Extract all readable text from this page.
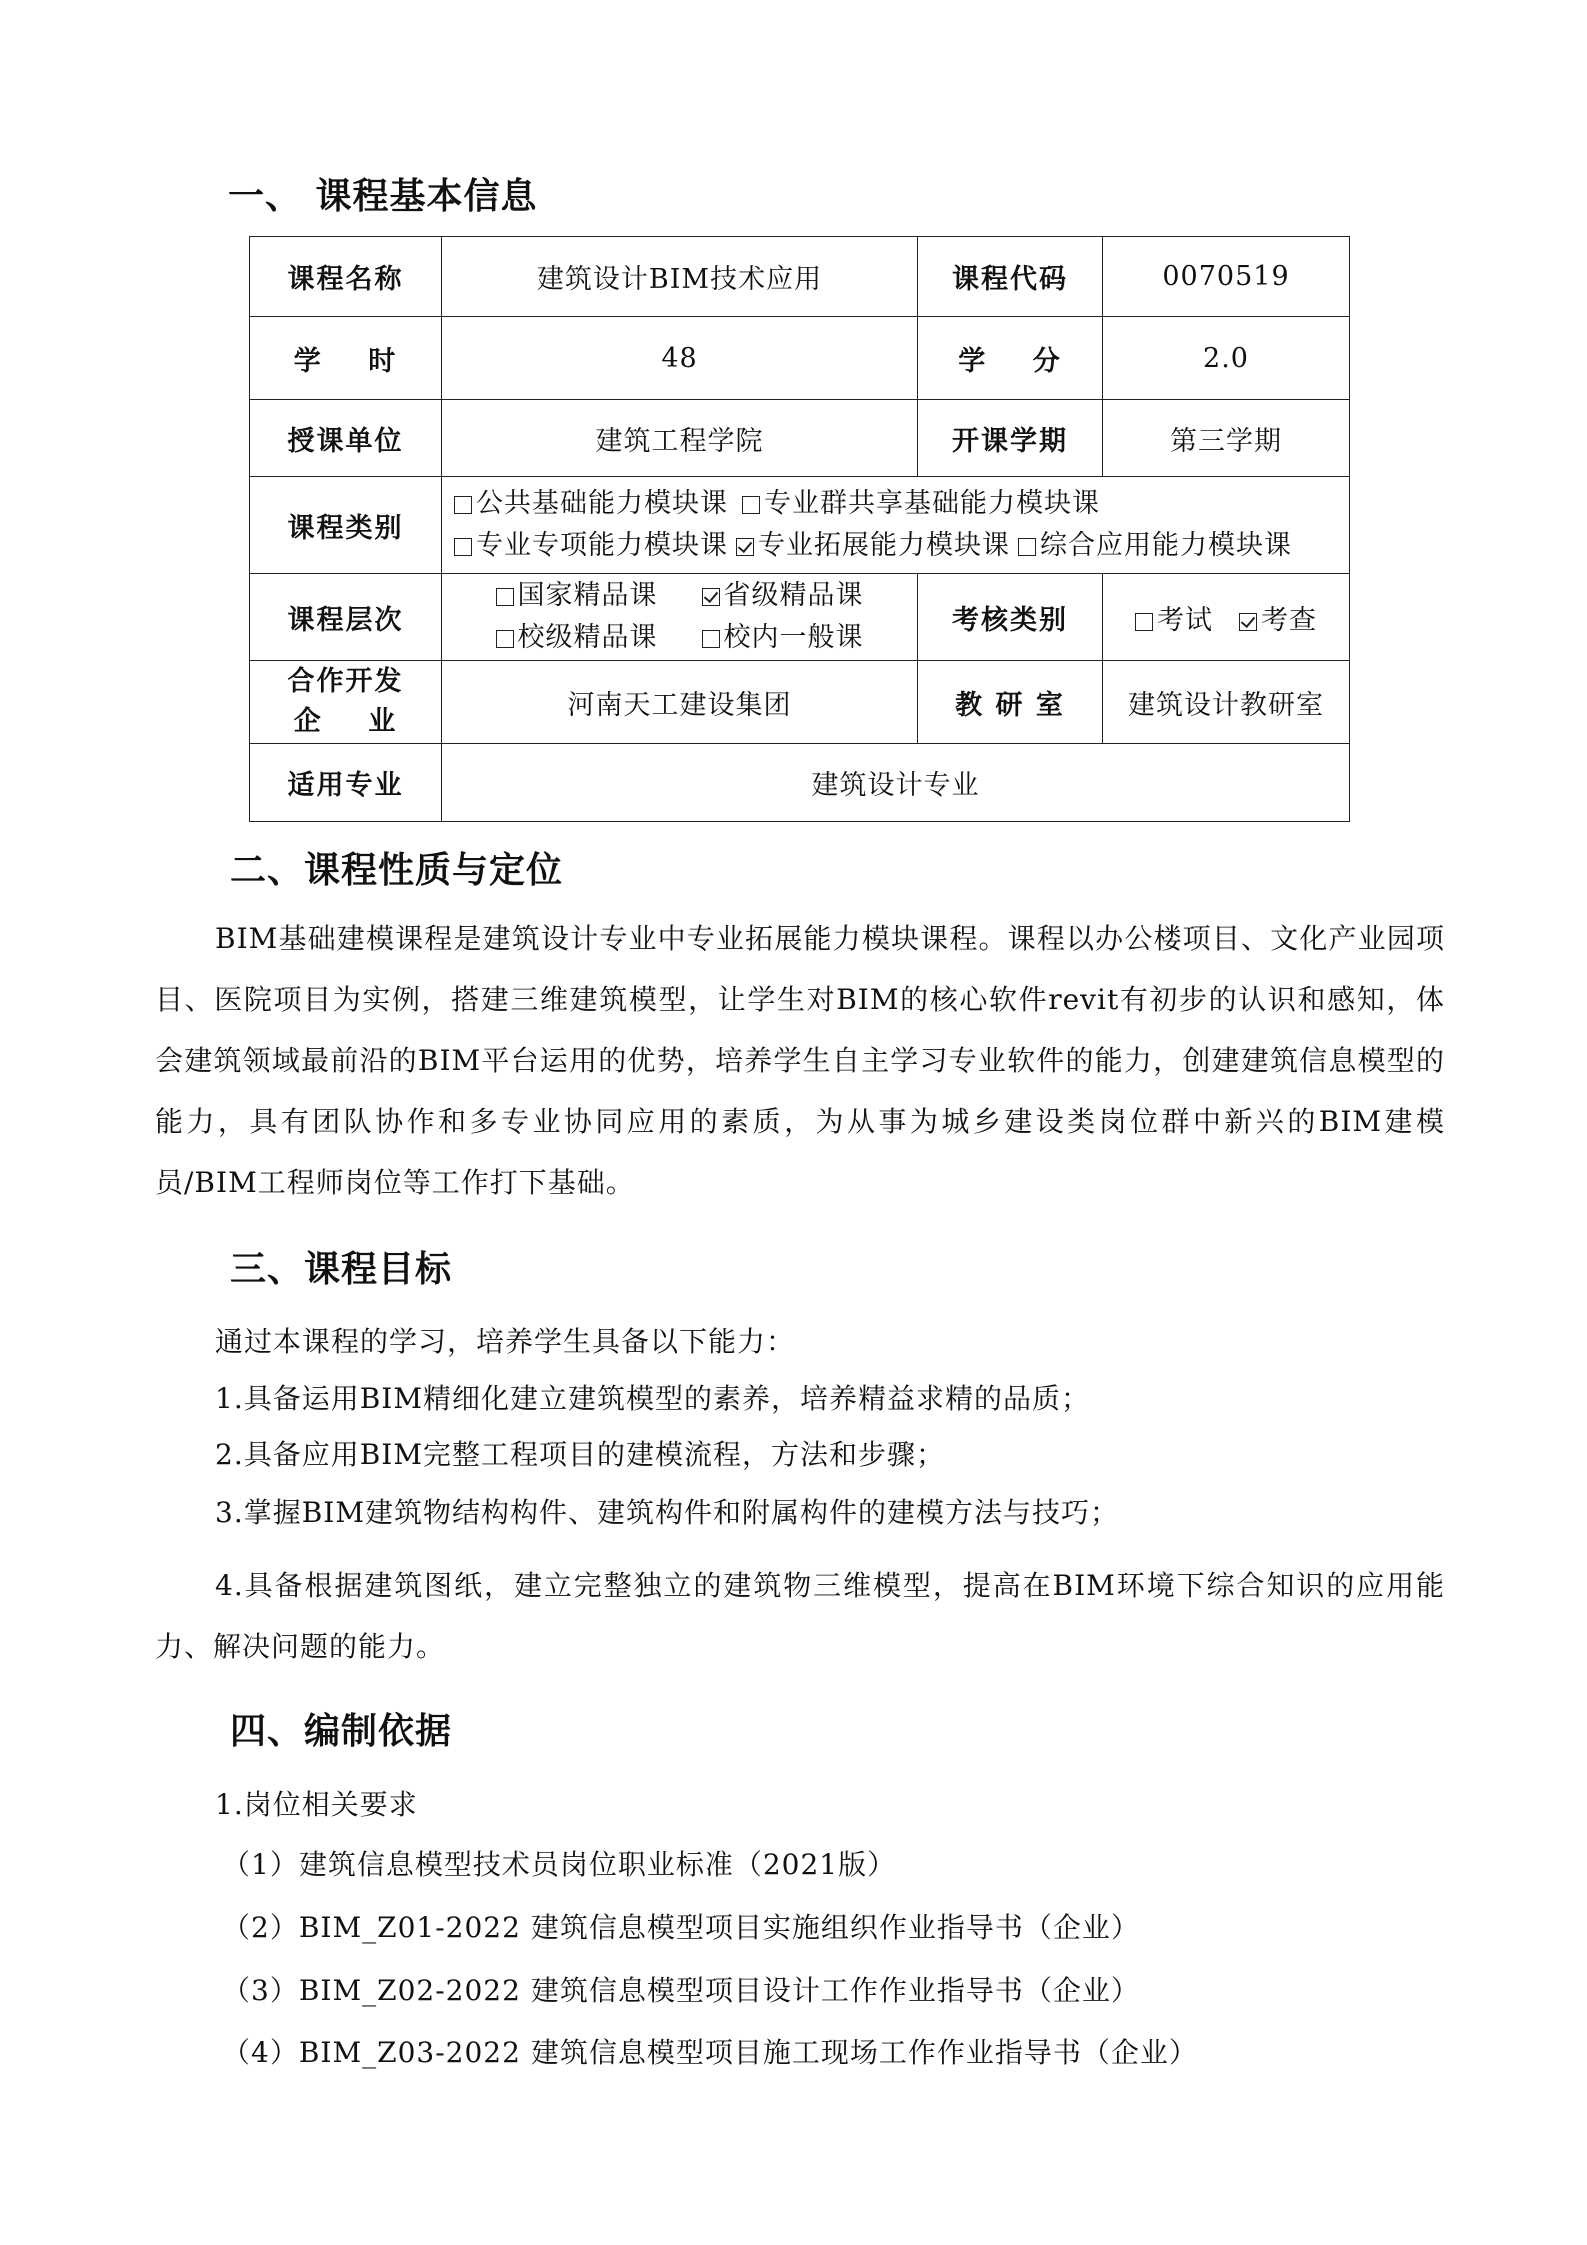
一、 课程基本信息
课程名称	建筑设计BIM技术应用	课程代码	0070519
学    时	48	学    分	2.0
授课单位	建筑工程学院	开课学期	第三学期
课程类别	公共基础能力模块课 专业群共享基础能力模块课
专业专项能力模块课 专业拓展能力模块课 综合应用能力模块课		

课程层次	国家精品课 省级精品课
校级精品课 校内一般课	考核类别	考试 考查

合作开发
企    业	河南天工建设集团	教 研 室	建筑设计教研室
适用专业	建筑设计专业		
二、课程性质与定位
BIM基础建模课程是建筑设计专业中专业拓展能力模块课程。课程以办公楼项目、文化产业园项目、医院项目为实例，搭建三维建筑模型，让学生对BIM的核心软件revit有初步的认识和感知，体会建筑领域最前沿的BIM平台运用的优势，培养学生自主学习专业软件的能力，创建建筑信息模型的能力，具有团队协作和多专业协同应用的素质，为从事为城乡建设类岗位群中新兴的BIM建模员/BIM工程师岗位等工作打下基础。
三、课程目标
通过本课程的学习，培养学生具备以下能力：
1.具备运用BIM精细化建立建筑模型的素养，培养精益求精的品质；
2.具备应用BIM完整工程项目的建模流程，方法和步骤；
3.掌握BIM建筑物结构构件、建筑构件和附属构件的建模方法与技巧；
4.具备根据建筑图纸，建立完整独立的建筑物三维模型，提高在BIM环境下综合知识的应用能力、解决问题的能力。
四、编制依据
1.岗位相关要求
（1）建筑信息模型技术员岗位职业标准（2021版）
（2）BIM_Z01-2022 建筑信息模型项目实施组织作业指导书（企业）
（3）BIM_Z02-2022 建筑信息模型项目设计工作作业指导书（企业）
（4）BIM_Z03-2022 建筑信息模型项目施工现场工作作业指导书（企业）
